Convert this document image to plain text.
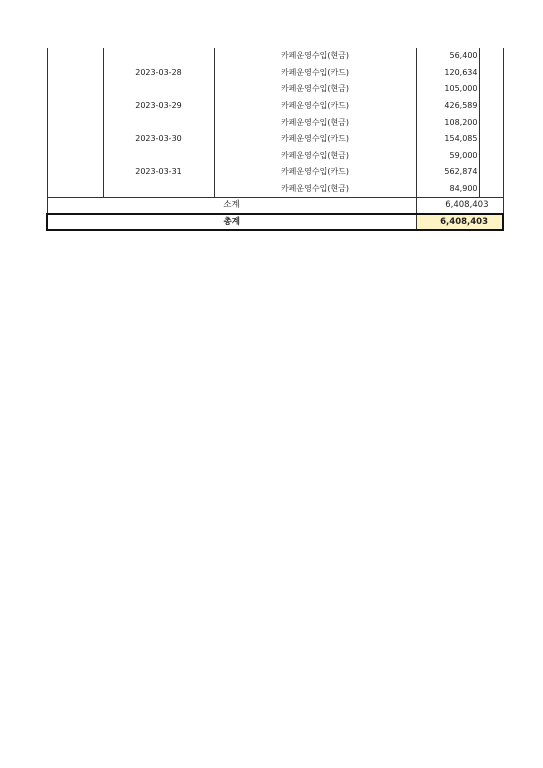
		카페운영수입(현금)	56,400	
	2023-03-28	카페운영수입(카드)	120,634	
		카페운영수입(현금)	105,000	
	2023-03-29	카페운영수입(카드)	426,589	
		카페운영수입(현금)	108,200	
	2023-03-30	카페운영수입(카드)	154,085	
		카페운영수입(현금)	59,000	
	2023-03-31	카페운영수입(카드)	562,874	
		카페운영수입(현금)	84,900	
소계			6,408,403	
총계			6,408,403	
